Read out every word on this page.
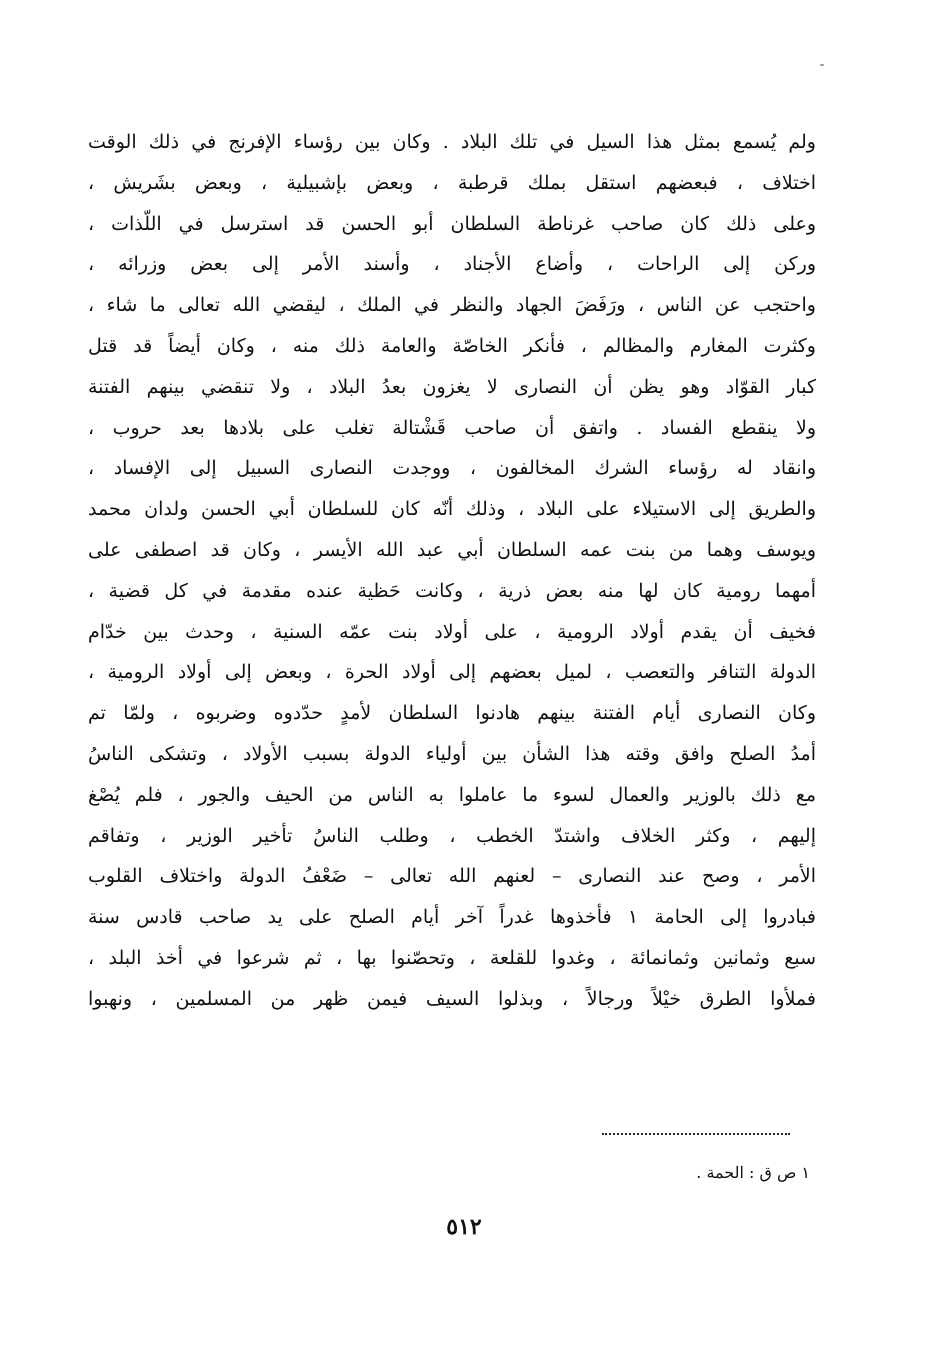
ولم يُسمع بمثل هذا السيل في تلك البلاد . وكان بين رؤساء الإفرنج في ذلك الوقت
اختلاف ، فبعضهم استقل بملك قرطبة ، وبعض بإشبيلية ، وبعض بشَريش ،
وعلى ذلك كان صاحب غرناطة السلطان أبو الحسن قد استرسل في اللّذات ،
وركن إلى الراحات ، وأضاع الأجناد ، وأسند الأمر إلى بعض وزرائه ،
واحتجب عن الناس ، ورَفَضَ الجهاد والنظر في الملك ، ليقضي الله تعالى ما شاء ،
وكثرت المغارم والمظالم ، فأنكر الخاصّة والعامة ذلك منه ، وكان أيضاً قد قتل
كبار القوّاد وهو يظن أن النصارى لا يغزون بعدُ البلاد ، ولا تنقضي بينهم الفتنة
ولا ينقطع الفساد . واتفق أن صاحب قَشْتالة تغلب على بلادها بعد حروب ،
وانقاد له رؤساء الشرك المخالفون ، ووجدت النصارى السبيل إلى الإفساد ،
والطريق إلى الاستيلاء على البلاد ، وذلك أنّه كان للسلطان أبي الحسن ولدان محمد
ويوسف وهما من بنت عمه السلطان أبي عبد الله الأيسر ، وكان قد اصطفى على
أمهما رومية كان لها منه بعض ذرية ، وكانت حَظية عنده مقدمة في كل قضية ،
فخيف أن يقدم أولاد الرومية ، على أولاد بنت عمّه السنية ، وحدث بين خدّام
الدولة التنافر والتعصب ، لميل بعضهم إلى أولاد الحرة ، وبعض إلى أولاد الرومية ،
وكان النصارى أيام الفتنة بينهم هادنوا السلطان لأمدٍ حدّدوه وضربوه ، ولمّا تم
أمدُ الصلح وافق وقته هذا الشأن بين أولياء الدولة بسبب الأولاد ، وتشكى الناسُ
مع ذلك بالوزير والعمال لسوء ما عاملوا به الناس من الحيف والجور ، فلم يُصْغ
إليهم ، وكثر الخلاف واشتدّ الخطب ، وطلب الناسُ تأخير الوزير ، وتفاقم
الأمر ، وصح عند النصارى – لعنهم الله تعالى – ضَعْفُ الدولة واختلاف القلوب
فبادروا إلى الحامة ١ فأخذوها غدراً آخر أيام الصلح على يد صاحب قادس سنة
سبع وثمانين وثمانمائة ، وغدوا للقلعة ، وتحصّنوا بها ، ثم شرعوا في أخذ البلد ،
فملأوا الطرق خيْلاً ورجالاً ، وبذلوا السيف فيمن ظهر من المسلمين ، ونهبوا
١ ص ق : الحمة .
٥١٢
